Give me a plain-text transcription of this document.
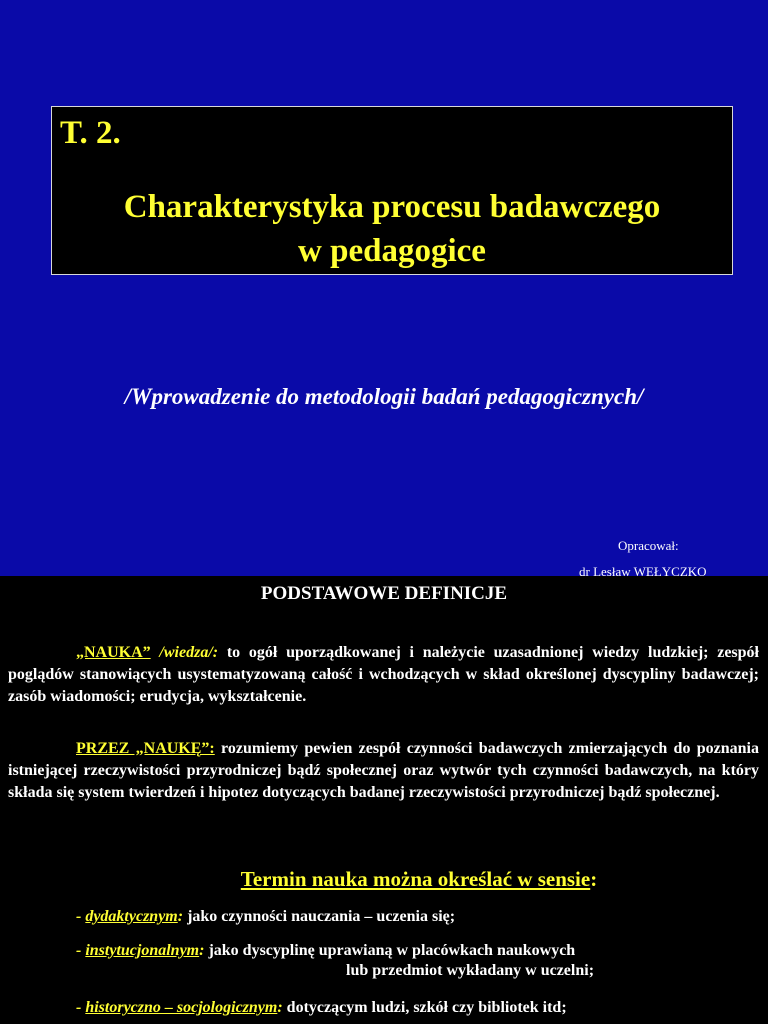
T. 2.
Charakterystyka procesu badawczego
w pedagogice
/Wprowadzenie do metodologii badań pedagogicznych/
Opracował:
dr Lesław WEŁYCZKO
PODSTAWOWE DEFINICJE
„NAUKA” /wiedza/: to ogół uporządkowanej i należycie uzasadnionej wiedzy ludzkiej; zespół poglądów stanowiących usystematyzowaną całość i wchodzących w skład określonej dyscypliny badawczej; zasób wiadomości; erudycja, wykształcenie.
PRZEZ „NAUKĘ”: rozumiemy pewien zespół czynności badawczych zmierzających do poznania istniejącej rzeczywistości przyrodniczej bądź społecznej oraz wytwór tych czynności badawczych, na który składa się system twierdzeń i hipotez dotyczących badanej rzeczywistości przyrodniczej bądź społecznej.
Termin nauka można określać w sensie:
- dydaktycznym: jako czynności nauczania – uczenia się;
- instytucjonalnym: jako dyscyplinę uprawianą w placówkach naukowych
lub przedmiot wykładany w uczelni;
- historyczno – socjologicznym: dotyczącym ludzi, szkół czy bibliotek itd;
